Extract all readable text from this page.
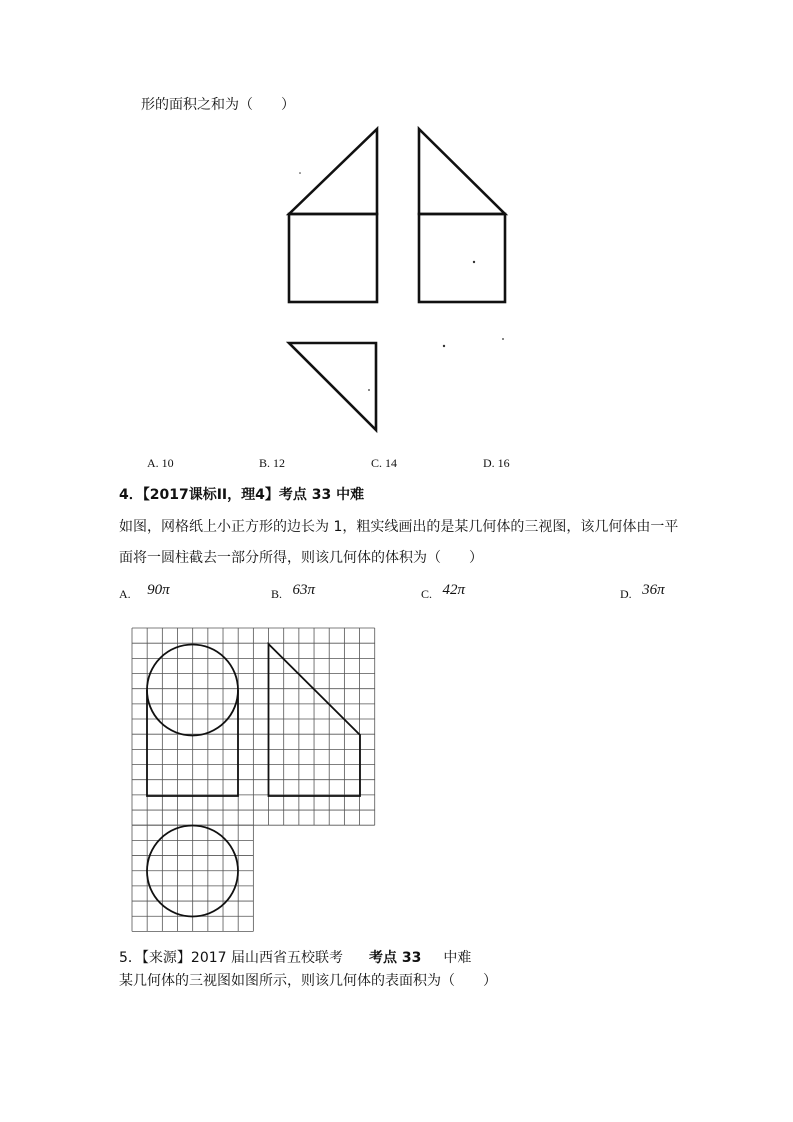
形的面积之和为（　　）
A. 10	B. 12	C. 14	D. 16
4．【2017课标II，理4】考点 33 中难
如图，网格纸上小正方形的边长为 1，粗实线画出的是某几何体的三视图，该几何体由一平
面将一圆柱截去一部分所得，则该几何体的体积为（　　）
A. 90π	B. 63π	C. 42π	D. 36π
5．【来源】2017 届山西省五校联考 考点 33 中难
某几何体的三视图如图所示，则该几何体的表面积为（　　）
